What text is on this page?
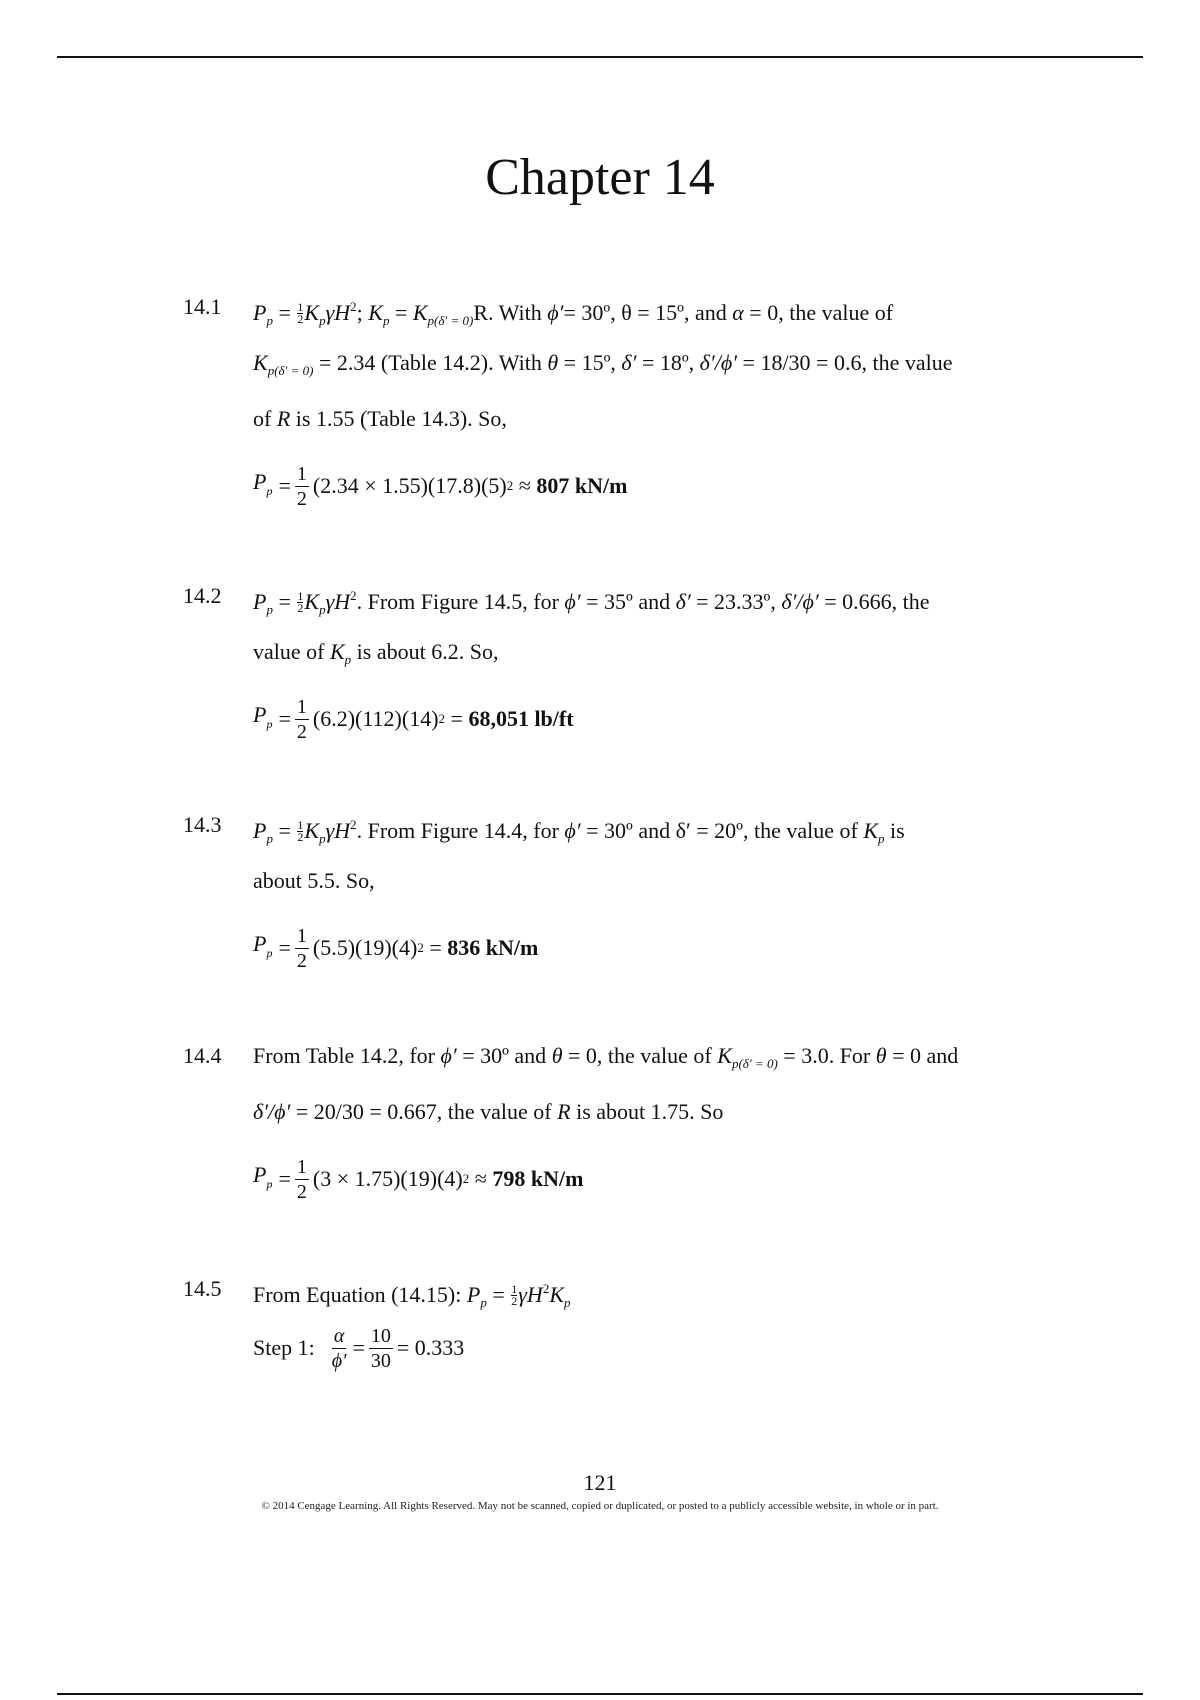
Chapter 14
14.1 $P_p = \frac{1}{2} K_p\gamma H^2$; $K_p = K_{p(\delta' = 0)}R$. With ϕ′= 30º, θ = 15º, and α = 0, the value of
$K_{p(\delta' = 0)} = 2.34$ (Table 14.2). With θ = 15º, δ′ = 18º, δ′/ϕ′ = 18/30 = 0.6, the value
of R is 1.55 (Table 14.3). So,
$P_p = \frac{1}{2} (2.34 \times 1.55)(17.8)(5)$ 2
≈
807 kN/m
14.2 $P_p = \frac{1}{2} K_p\gamma H^2$. From Figure 14.5, for ϕ′ = 35º and δ′ = 23.33º, δ′/ϕ′ = 0.666, the
value of $K_p$ is about 6.2. So,
$P_p = \frac{1}{2} (6.2)(112)(14)$ 2
=
68,051 lb/ft
14.3 $P_p = \frac{1}{2} K_p\gamma H^2$. From Figure 14.4, for ϕ′ = 30º and δ′ = 20º, the value of $K_p$ is
about 5.5. So,
$P_p = \frac{1}{2} (5.5)(19)(4)$ 2
=
836 kN/m
14.4 From Table 14.2, for ϕ′ = 30º and θ = 0, the value of $K_{p(\delta' = 0)} = 3.0$. For θ = 0 and
δ′/ϕ′ = 20/30 = 0.667, the value of R is about 1.75. So
$P_p = \frac{1}{2} (3 \times 1.75)(19)(4)$ 2
≈
798 kN/m
14.5 From Equation (14.15): $P_p = \frac{1}{2} \gamma H^2K_p$
Step 1:
$\frac{\alpha}{\phi'} = \frac{10}{30} = 0.333$
121
© 2014 Cengage Learning. All Rights Reserved. May not be scanned, copied or duplicated, or posted to a publicly accessible website, in whole or in part.
